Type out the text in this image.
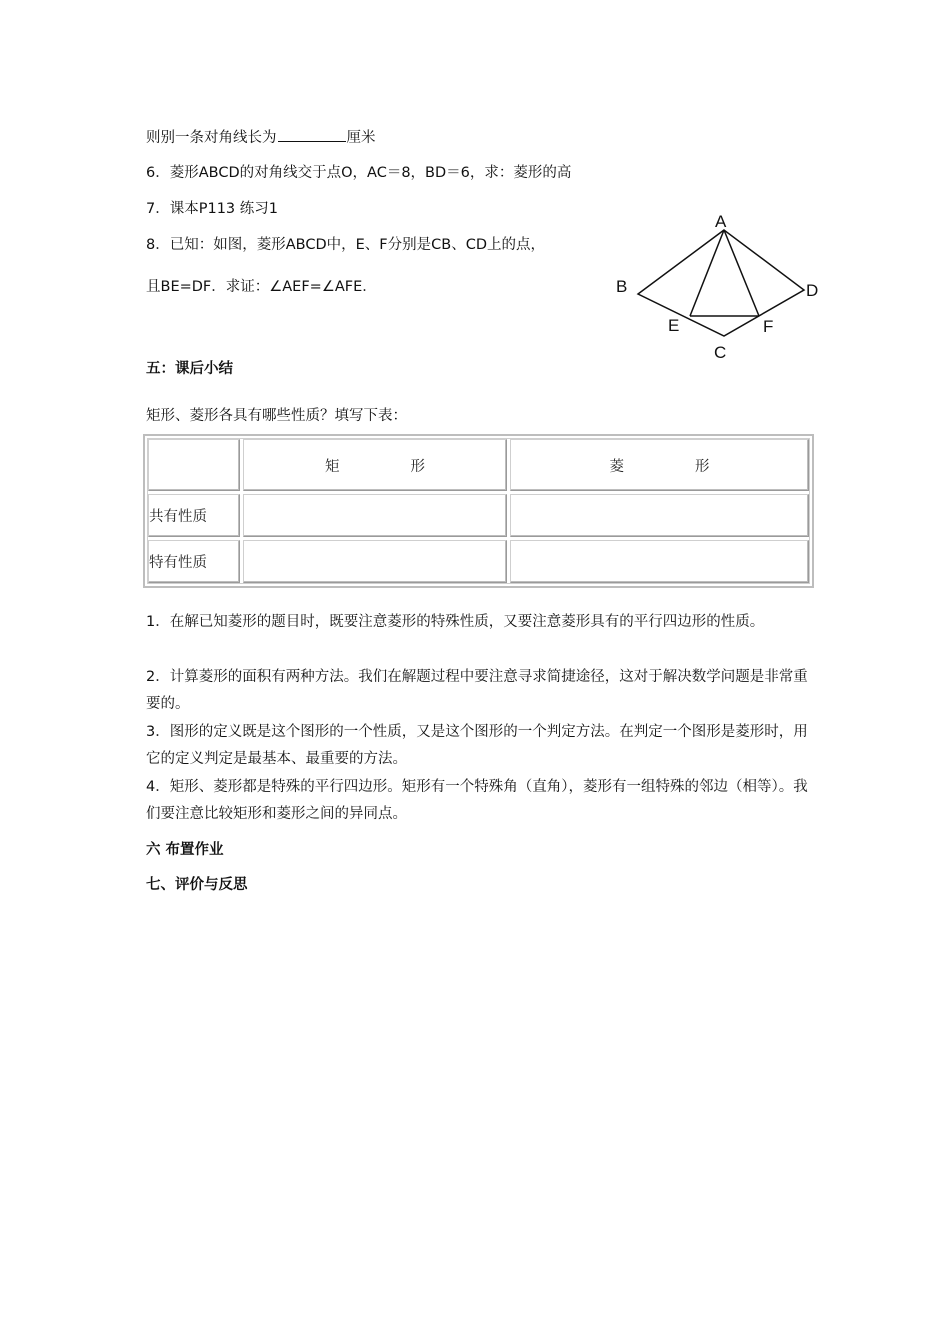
则别一条对角线长为	厘米
6．菱形ABCD的对角线交于点O，AC＝8，BD＝6，求：菱形的高
7．课本P113 练习1
8．已知：如图，菱形ABCD中，E、F分别是CB、CD上的点，
且BE=DF．求证：∠AEF=∠AFE．
A
B
C
D
E	F
五：课后小结
矩形、菱形各具有哪些性质？填写下表：
	矩形	菱形
共有性质		
特有性质		
1．在解已知菱形的题目时，既要注意菱形的特殊性质，又要注意菱形具有的平行四边形的性质。
2．计算菱形的面积有两种方法。我们在解题过程中要注意寻求简捷途径，这对于解决数学问题是非常重要的。
3．图形的定义既是这个图形的一个性质，又是这个图形的一个判定方法。在判定一个图形是菱形时，用它的定义判定是最基本、最重要的方法。
4．矩形、菱形都是特殊的平行四边形。矩形有一个特殊角（直角），菱形有一组特殊的邻边（相等）。我们要注意比较矩形和菱形之间的异同点。
六 布置作业
七、评价与反思
